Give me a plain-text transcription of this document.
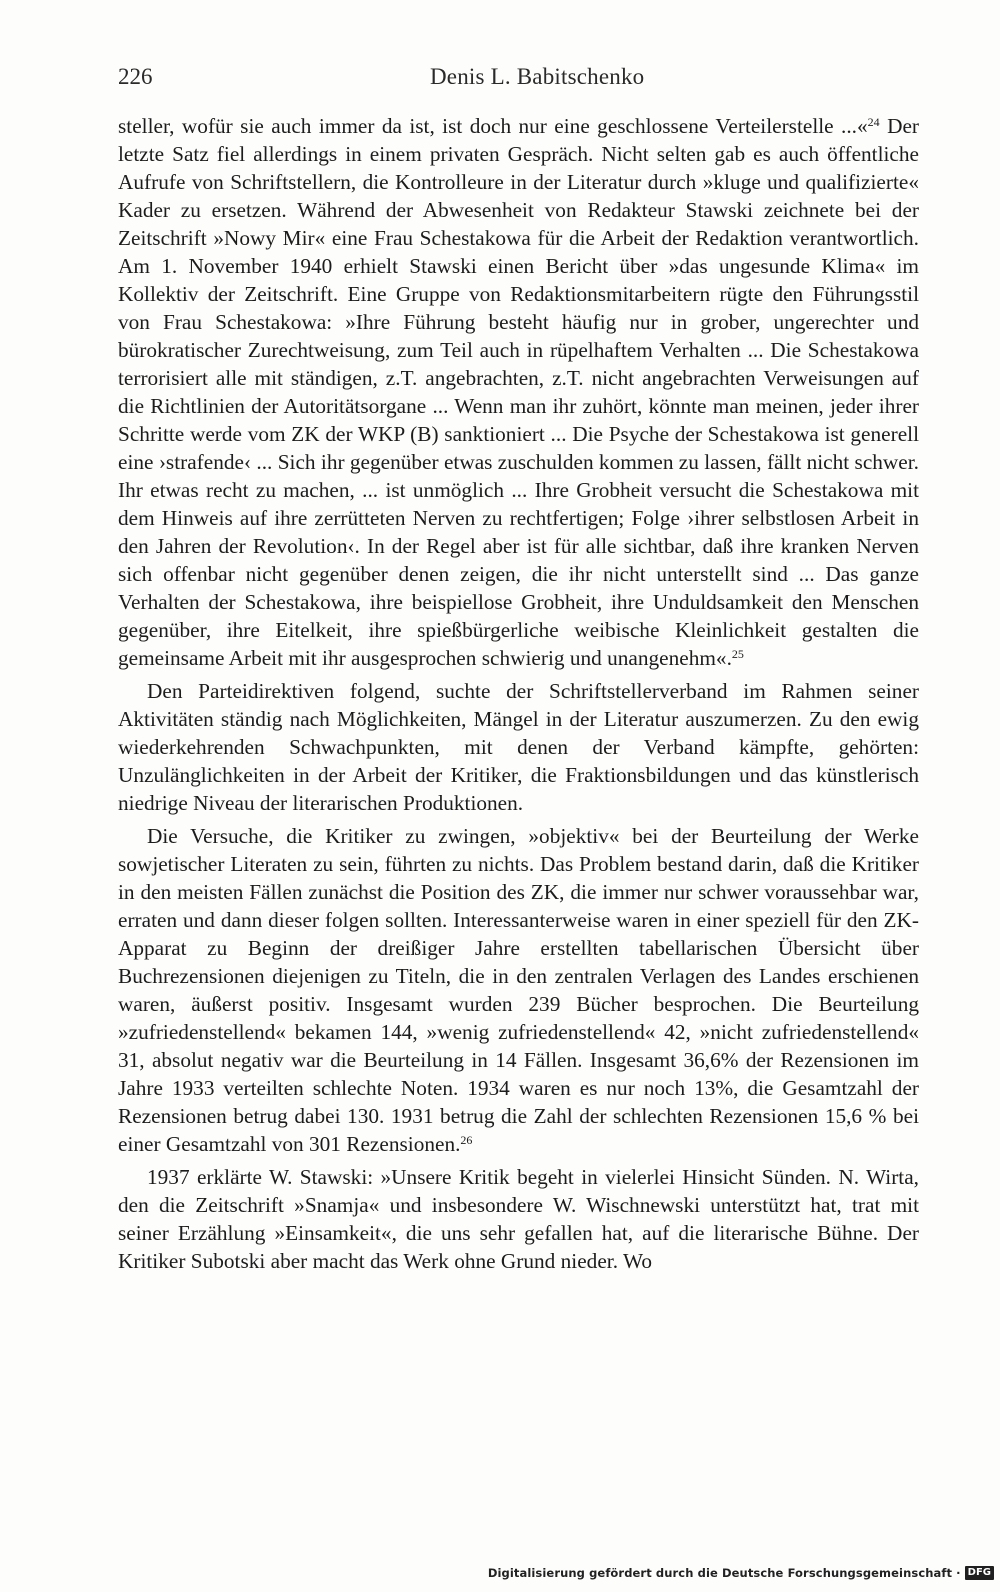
226	Denis L. Babitschenko

steller, wofür sie auch immer da ist, ist doch nur eine geschlossene Verteilerstelle ...«$^{24}$ Der letzte Satz fiel allerdings in einem privaten Gespräch. Nicht selten gab es auch öffentliche Aufrufe von Schriftstellern, die Kontrolleure in der Literatur durch »kluge und qualifizierte« Kader zu ersetzen. Während der Abwesenheit von Redakteur Stawski zeichnete bei der Zeitschrift »Nowy Mir« eine Frau Schestakowa für die Arbeit der Redaktion verantwortlich. Am 1. November 1940 erhielt Stawski einen Bericht über »das ungesunde Klima« im Kollektiv der Zeitschrift. Eine Gruppe von Redaktionsmitarbeitern rügte den Führungsstil von Frau Schestakowa: »Ihre Führung besteht häufig nur in grober, ungerechter und bürokratischer Zurechtweisung, zum Teil auch in rüpelhaftem Verhalten ... Die Schestakowa terrorisiert alle mit ständigen, z.T. angebrachten, z.T. nicht angebrachten Verweisungen auf die Richtlinien der Autoritätsorgane ... Wenn man ihr zuhört, könnte man meinen, jeder ihrer Schritte werde vom ZK der WKP (B) sanktioniert ... Die Psyche der Schestakowa ist generell eine ›strafende‹ ... Sich ihr gegenüber etwas zuschulden kommen zu lassen, fällt nicht schwer. Ihr etwas recht zu machen, ... ist unmöglich ... Ihre Grobheit versucht die Schestakowa mit dem Hinweis auf ihre zerrütteten Nerven zu rechtfertigen; Folge ›ihrer selbstlosen Arbeit in den Jahren der Revolution‹. In der Regel aber ist für alle sichtbar, daß ihre kranken Nerven sich offenbar nicht gegenüber denen zeigen, die ihr nicht unterstellt sind ... Das ganze Verhalten der Schestakowa, ihre beispiellose Grobheit, ihre Unduldsamkeit den Menschen gegenüber, ihre Eitelkeit, ihre spießbürgerliche weibische Kleinlichkeit gestalten die gemeinsame Arbeit mit ihr ausgesprochen schwierig und unangenehm«.$^{25}$

Den Parteidirektiven folgend, suchte der Schriftstellerverband im Rahmen seiner Aktivitäten ständig nach Möglichkeiten, Mängel in der Literatur auszumerzen. Zu den ewig wiederkehrenden Schwachpunkten, mit denen der Verband kämpfte, gehörten: Unzulänglichkeiten in der Arbeit der Kritiker, die Fraktionsbildungen und das künstlerisch niedrige Niveau der literarischen Produktionen.

Die Versuche, die Kritiker zu zwingen, »objektiv« bei der Beurteilung der Werke sowjetischer Literaten zu sein, führten zu nichts. Das Problem bestand darin, daß die Kritiker in den meisten Fällen zunächst die Position des ZK, die immer nur schwer voraussehbar war, erraten und dann dieser folgen sollten. Interessanterweise waren in einer speziell für den ZK-Apparat zu Beginn der dreißiger Jahre erstellten tabellarischen Übersicht über Buchrezensionen diejenigen zu Titeln, die in den zentralen Verlagen des Landes erschienen waren, äußerst positiv. Insgesamt wurden 239 Bücher besprochen. Die Beurteilung »zufriedenstellend« bekamen 144, »wenig zufriedenstellend« 42, »nicht zufriedenstellend« 31, absolut negativ war die Beurteilung in 14 Fällen. Insgesamt 36,6% der Rezensionen im Jahre 1933 verteilten schlechte Noten. 1934 waren es nur noch 13%, die Gesamtzahl der Rezensionen betrug dabei 130. 1931 betrug die Zahl der schlechten Rezensionen 15,6 % bei einer Gesamtzahl von 301 Rezensionen.$^{26}$

1937 erklärte W. Stawski: »Unsere Kritik begeht in vielerlei Hinsicht Sünden. N. Wirta, den die Zeitschrift »Snamja« und insbesondere W. Wischnewski unterstützt hat, trat mit seiner Erzählung »Einsamkeit«, die uns sehr gefallen hat, auf die literarische Bühne. Der Kritiker Subotski aber macht das Werk ohne Grund nieder. Wo

Digitalisierung gefördert durch die Deutsche Forschungsgemeinschaft · DFG
